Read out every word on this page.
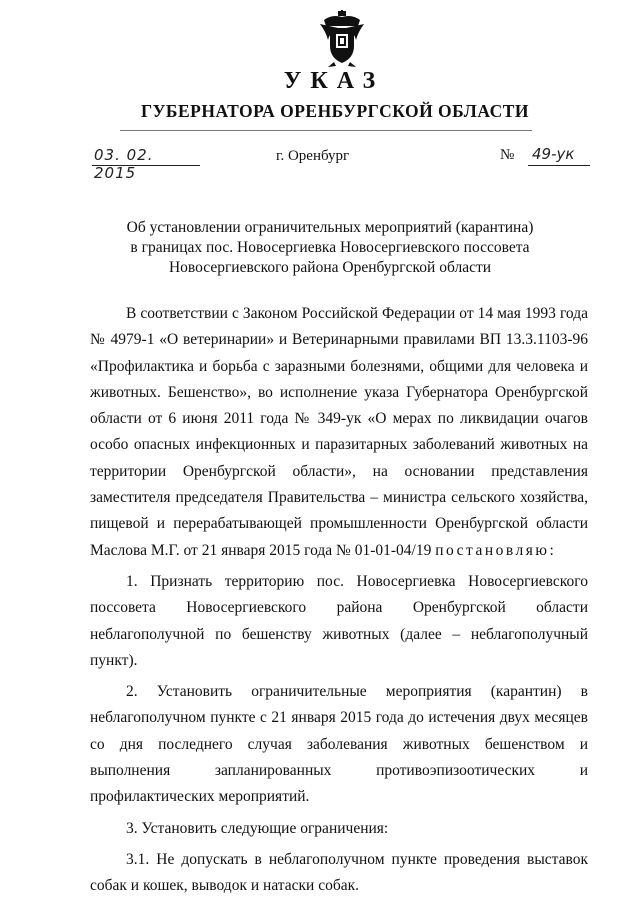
УКАЗ
ГУБЕРНАТОРА ОРЕНБУРГСКОЙ ОБЛАСТИ
03. 02. 2015
г. Оренбург	№ 49-ук
Об установлении ограничительных мероприятий (карантина)
в границах пос. Новосергиевка Новосергиевского поссовета
Новосергиевского района Оренбургской области

В соответствии с Законом Российской Федерации от 14 мая 1993 года № 4979-1 «О ветеринарии» и Ветеринарными правилами ВП 13.3.1103-96 «Профилактика и борьба с заразными болезнями, общими для человека и животных. Бешенство», во исполнение указа Губернатора Оренбургской области от 6 июня 2011 года № 349-ук «О мерах по ликвидации очагов особо опасных инфекционных и паразитарных заболеваний животных на территории Оренбургской области», на основании представления заместителя председателя Правительства – министра сельского хозяйства, пищевой и перерабатывающей промышленности Оренбургской области Маслова М.Г. от 21 января 2015 года № 01-01-04/19 постановляю:

1. Признать территорию пос. Новосергиевка Новосергиевского поссовета Новосергиевского района Оренбургской области неблагополучной по бешенству животных (далее – неблагополучный пункт).

2. Установить ограничительные мероприятия (карантин) в неблагополучном пункте с 21 января 2015 года до истечения двух месяцев со дня последнего случая заболевания животных бешенством и выполнения запланированных противоэпизоотических и профилактических мероприятий.

3. Установить следующие ограничения:

3.1. Не допускать в неблагополучном пункте проведения выставок собак и кошек, выводок и натаски собак.
